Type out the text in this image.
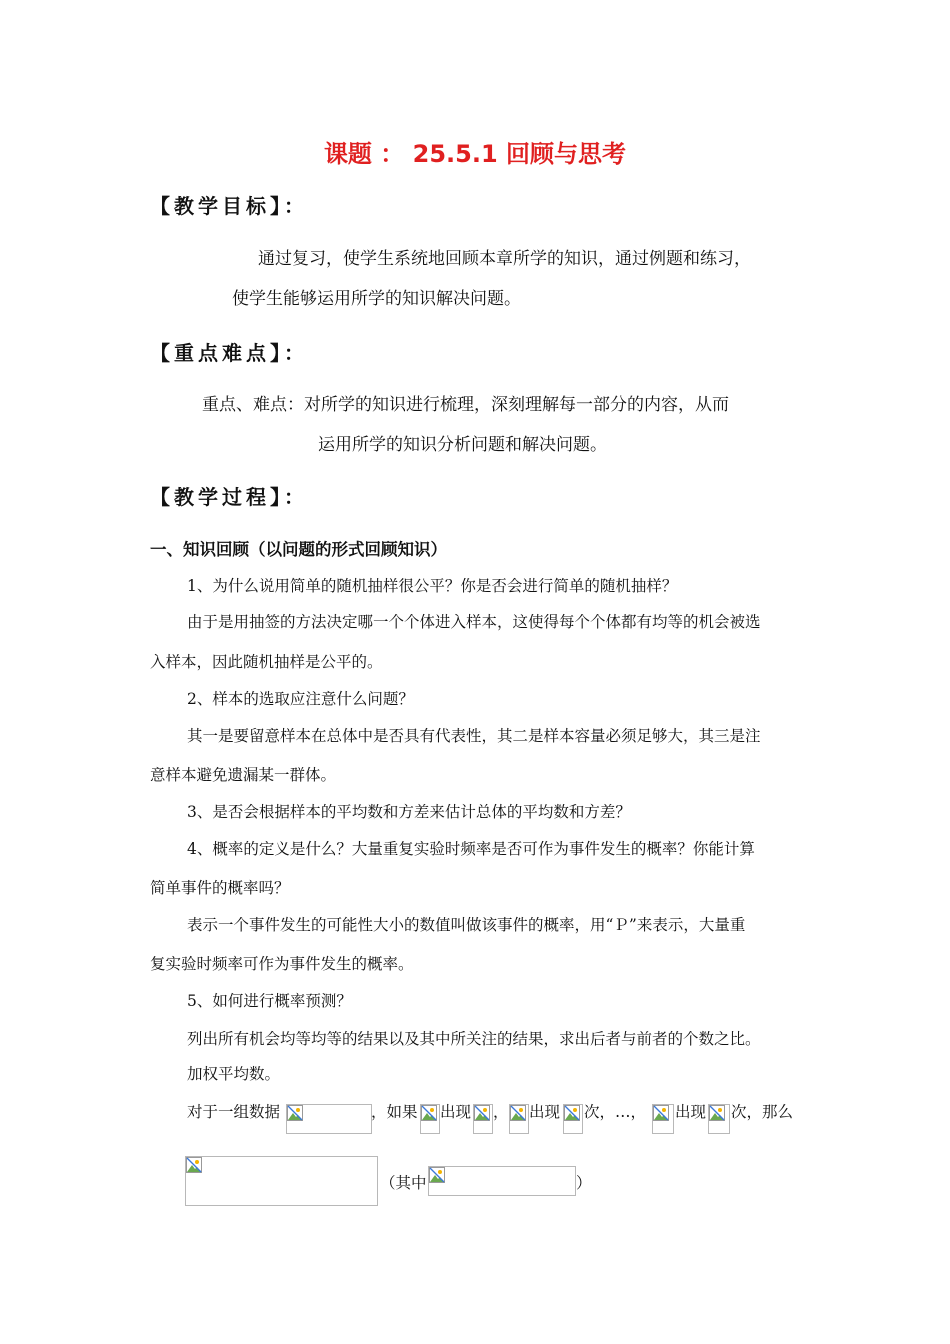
课题 ： 25.5.1 回顾与思考
【教学目标】：
通过复习，使学生系统地回顾本章所学的知识，通过例题和练习，
使学生能够运用所学的知识解决问题。
【重点难点】：
重点、难点：对所学的知识进行梳理，深刻理解每一部分的内容，从而
运用所学的知识分析问题和解决问题。
【教学过程】：
一、知识回顾（以问题的形式回顾知识）
1、为什么说用简单的随机抽样很公平？你是否会进行简单的随机抽样？
由于是用抽签的方法决定哪一个个体进入样本，这使得每个个体都有均等的机会被选
入样本，因此随机抽样是公平的。
2、样本的选取应注意什么问题？
其一是要留意样本在总体中是否具有代表性，其二是样本容量必须足够大，其三是注
意样本避免遗漏某一群体。
3、是否会根据样本的平均数和方差来估计总体的平均数和方差？
4、概率的定义是什么？大量重复实验时频率是否可作为事件发生的概率？你能计算
简单事件的概率吗？
表示一个事件发生的可能性大小的数值叫做该事件的概率，用“Ｐ”来表示，大量重
复实验时频率可作为事件发生的概率。
5、如何进行概率预测？
列出所有机会均等均等的结果以及其中所关注的结果，求出后者与前者的个数之比。
加权平均数。
对于一组数据	，如果 出现 ， 出现 次，…， 出现 次，那么
（其中	）
